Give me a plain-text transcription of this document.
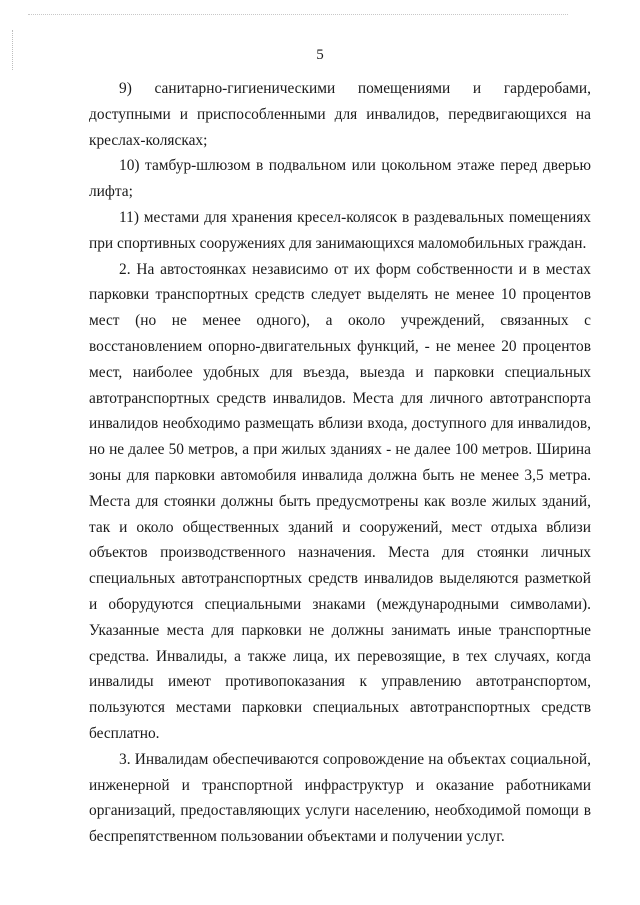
5

9) санитарно-гигиеническими помещениями и гардеробами, доступными и приспособленными для инвалидов, передвигающихся на креслах-колясках;

10) тамбур-шлюзом в подвальном или цокольном этаже перед дверью лифта;

11) местами для хранения кресел-колясок в раздевальных помещениях при спортивных сооружениях для занимающихся маломобильных граждан.

2. На автостоянках независимо от их форм собственности и в местах парковки транспортных средств следует выделять не менее 10 процентов мест (но не менее одного), а около учреждений, связанных с восстановлением опорно-двигательных функций, - не менее 20 процентов мест, наиболее удобных для въезда, выезда и парковки специальных автотранспортных средств инвалидов. Места для личного автотранспорта инвалидов необходимо размещать вблизи входа, доступного для инвалидов, но не далее 50 метров, а при жилых зданиях - не далее 100 метров. Ширина зоны для парковки автомобиля инвалида должна быть не менее 3,5 метра. Места для стоянки должны быть предусмотрены как возле жилых зданий, так и около общественных зданий и сооружений, мест отдыха вблизи объектов производственного назначения. Места для стоянки личных специальных автотранспортных средств инвалидов выделяются разметкой и оборудуются специальными знаками (международными символами). Указанные места для парковки не должны занимать иные транспортные средства. Инвалиды, а также лица, их перевозящие, в тех случаях, когда инвалиды имеют противопоказания к управлению автотранспортом, пользуются местами парковки специальных автотранспортных средств бесплатно.

3. Инвалидам обеспечиваются сопровождение на объектах социальной, инженерной и транспортной инфраструктур и оказание работниками организаций, предоставляющих услуги населению, необходимой помощи в беспрепятственном пользовании объектами и получении услуг.
